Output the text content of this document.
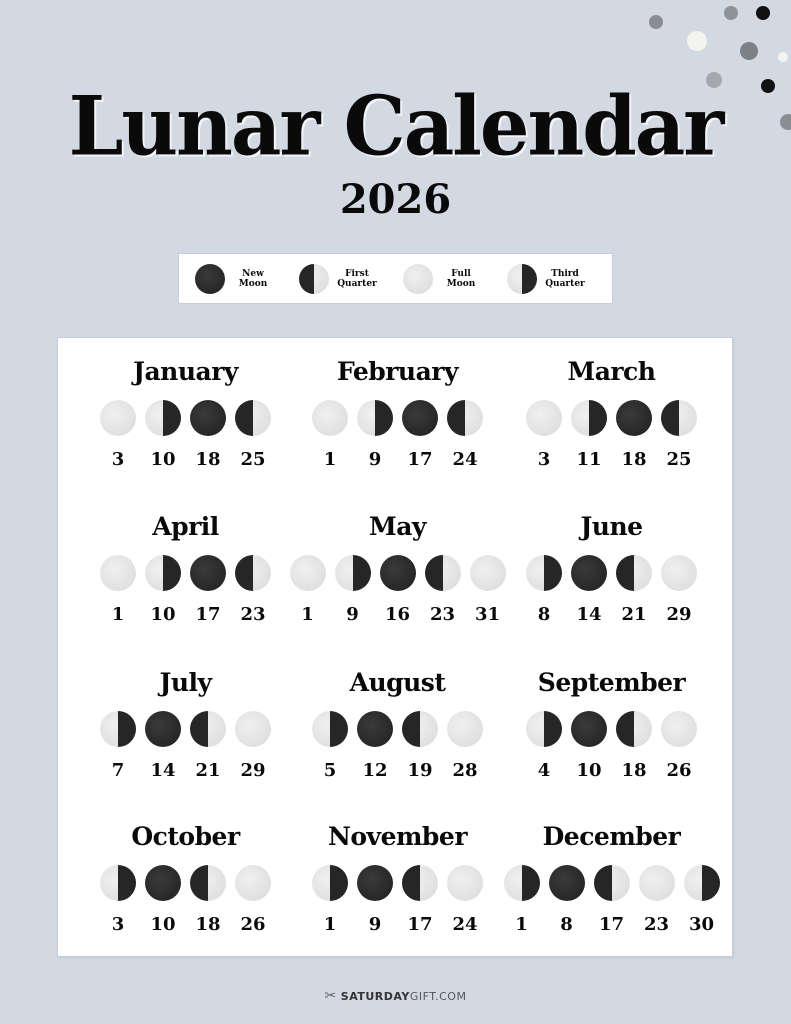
Lunar Calendar
2026
New
Moon
First
Quarter
Full
Moon
Third
Quarter
January
3 10 18 25
February
1 9 17 24
March
3 11 18 25
April
1 10 17 23
May
1 9 16 23 31
June
8 14 21 29
July
7 14 21 29
August
5 12 19 28
September
4 10 18 26
October
3 10 18 26
November
1 9 17 24
December
1 8 17 23 30
✂ SATURDAY GIFT.COM
